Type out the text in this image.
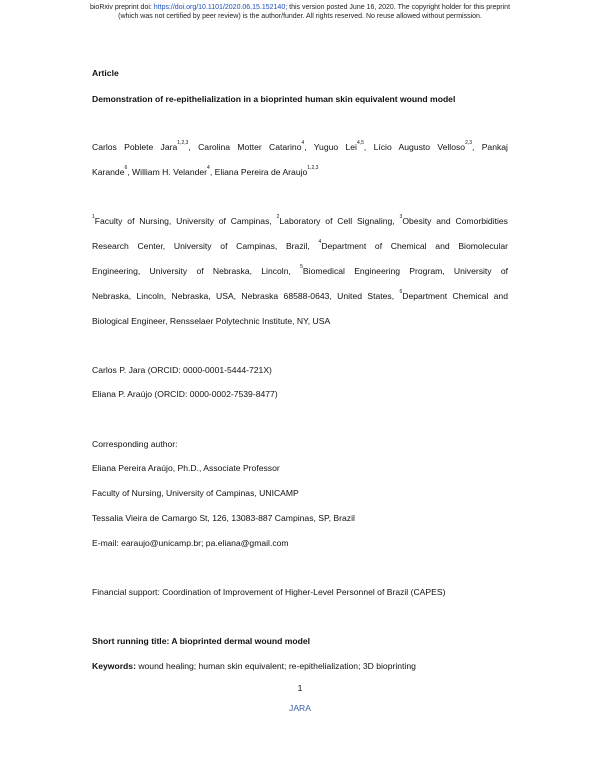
bioRxiv preprint doi: https://doi.org/10.1101/2020.06.15.152140; this version posted June 16, 2020. The copyright holder for this preprint
(which was not certified by peer review) is the author/funder. All rights reserved. No reuse allowed without permission.
Article
Demonstration of re-epithelialization in a bioprinted human skin equivalent wound model
Carlos Poblete Jara$^{1,2,3}$, Carolina Motter Catarino$^4$, Yuguo Lei$^{4,5}$, Lício Augusto Velloso$^{2,3}$, Pankaj
Karande$^6$, William H. Velander$^4$, Eliana Pereira de Araujo$^{1,2,3}$
$^1$Faculty of Nursing, University of Campinas, $^2$Laboratory of Cell Signaling, $^3$Obesity and Comorbidities
Research Center, University of Campinas, Brazil, $^4$Department of Chemical and Biomolecular
Engineering, University of Nebraska, Lincoln, $^5$Biomedical Engineering Program, University of
Nebraska, Lincoln, Nebraska, USA, Nebraska 68588-0643, United States, $^6$Department Chemical and
Biological Engineer, Rensselaer Polytechnic Institute, NY, USA
Carlos P. Jara (ORCID: 0000-0001-5444-721X)
Eliana P. Araújo (ORCID: 0000-0002-7539-8477)
Corresponding author:
Eliana Pereira Araújo, Ph.D., Associate Professor
Faculty of Nursing, University of Campinas, UNICAMP
Tessalia Vieira de Camargo St, 126, 13083-887 Campinas, SP, Brazil
E-mail: earaujo@unicamp.br; pa.eliana@gmail.com
Financial support: Coordination of Improvement of Higher-Level Personnel of Brazil (CAPES)
Short running title: A bioprinted dermal wound model
Keywords: wound healing; human skin equivalent; re-epithelialization; 3D bioprinting
1
JARA
